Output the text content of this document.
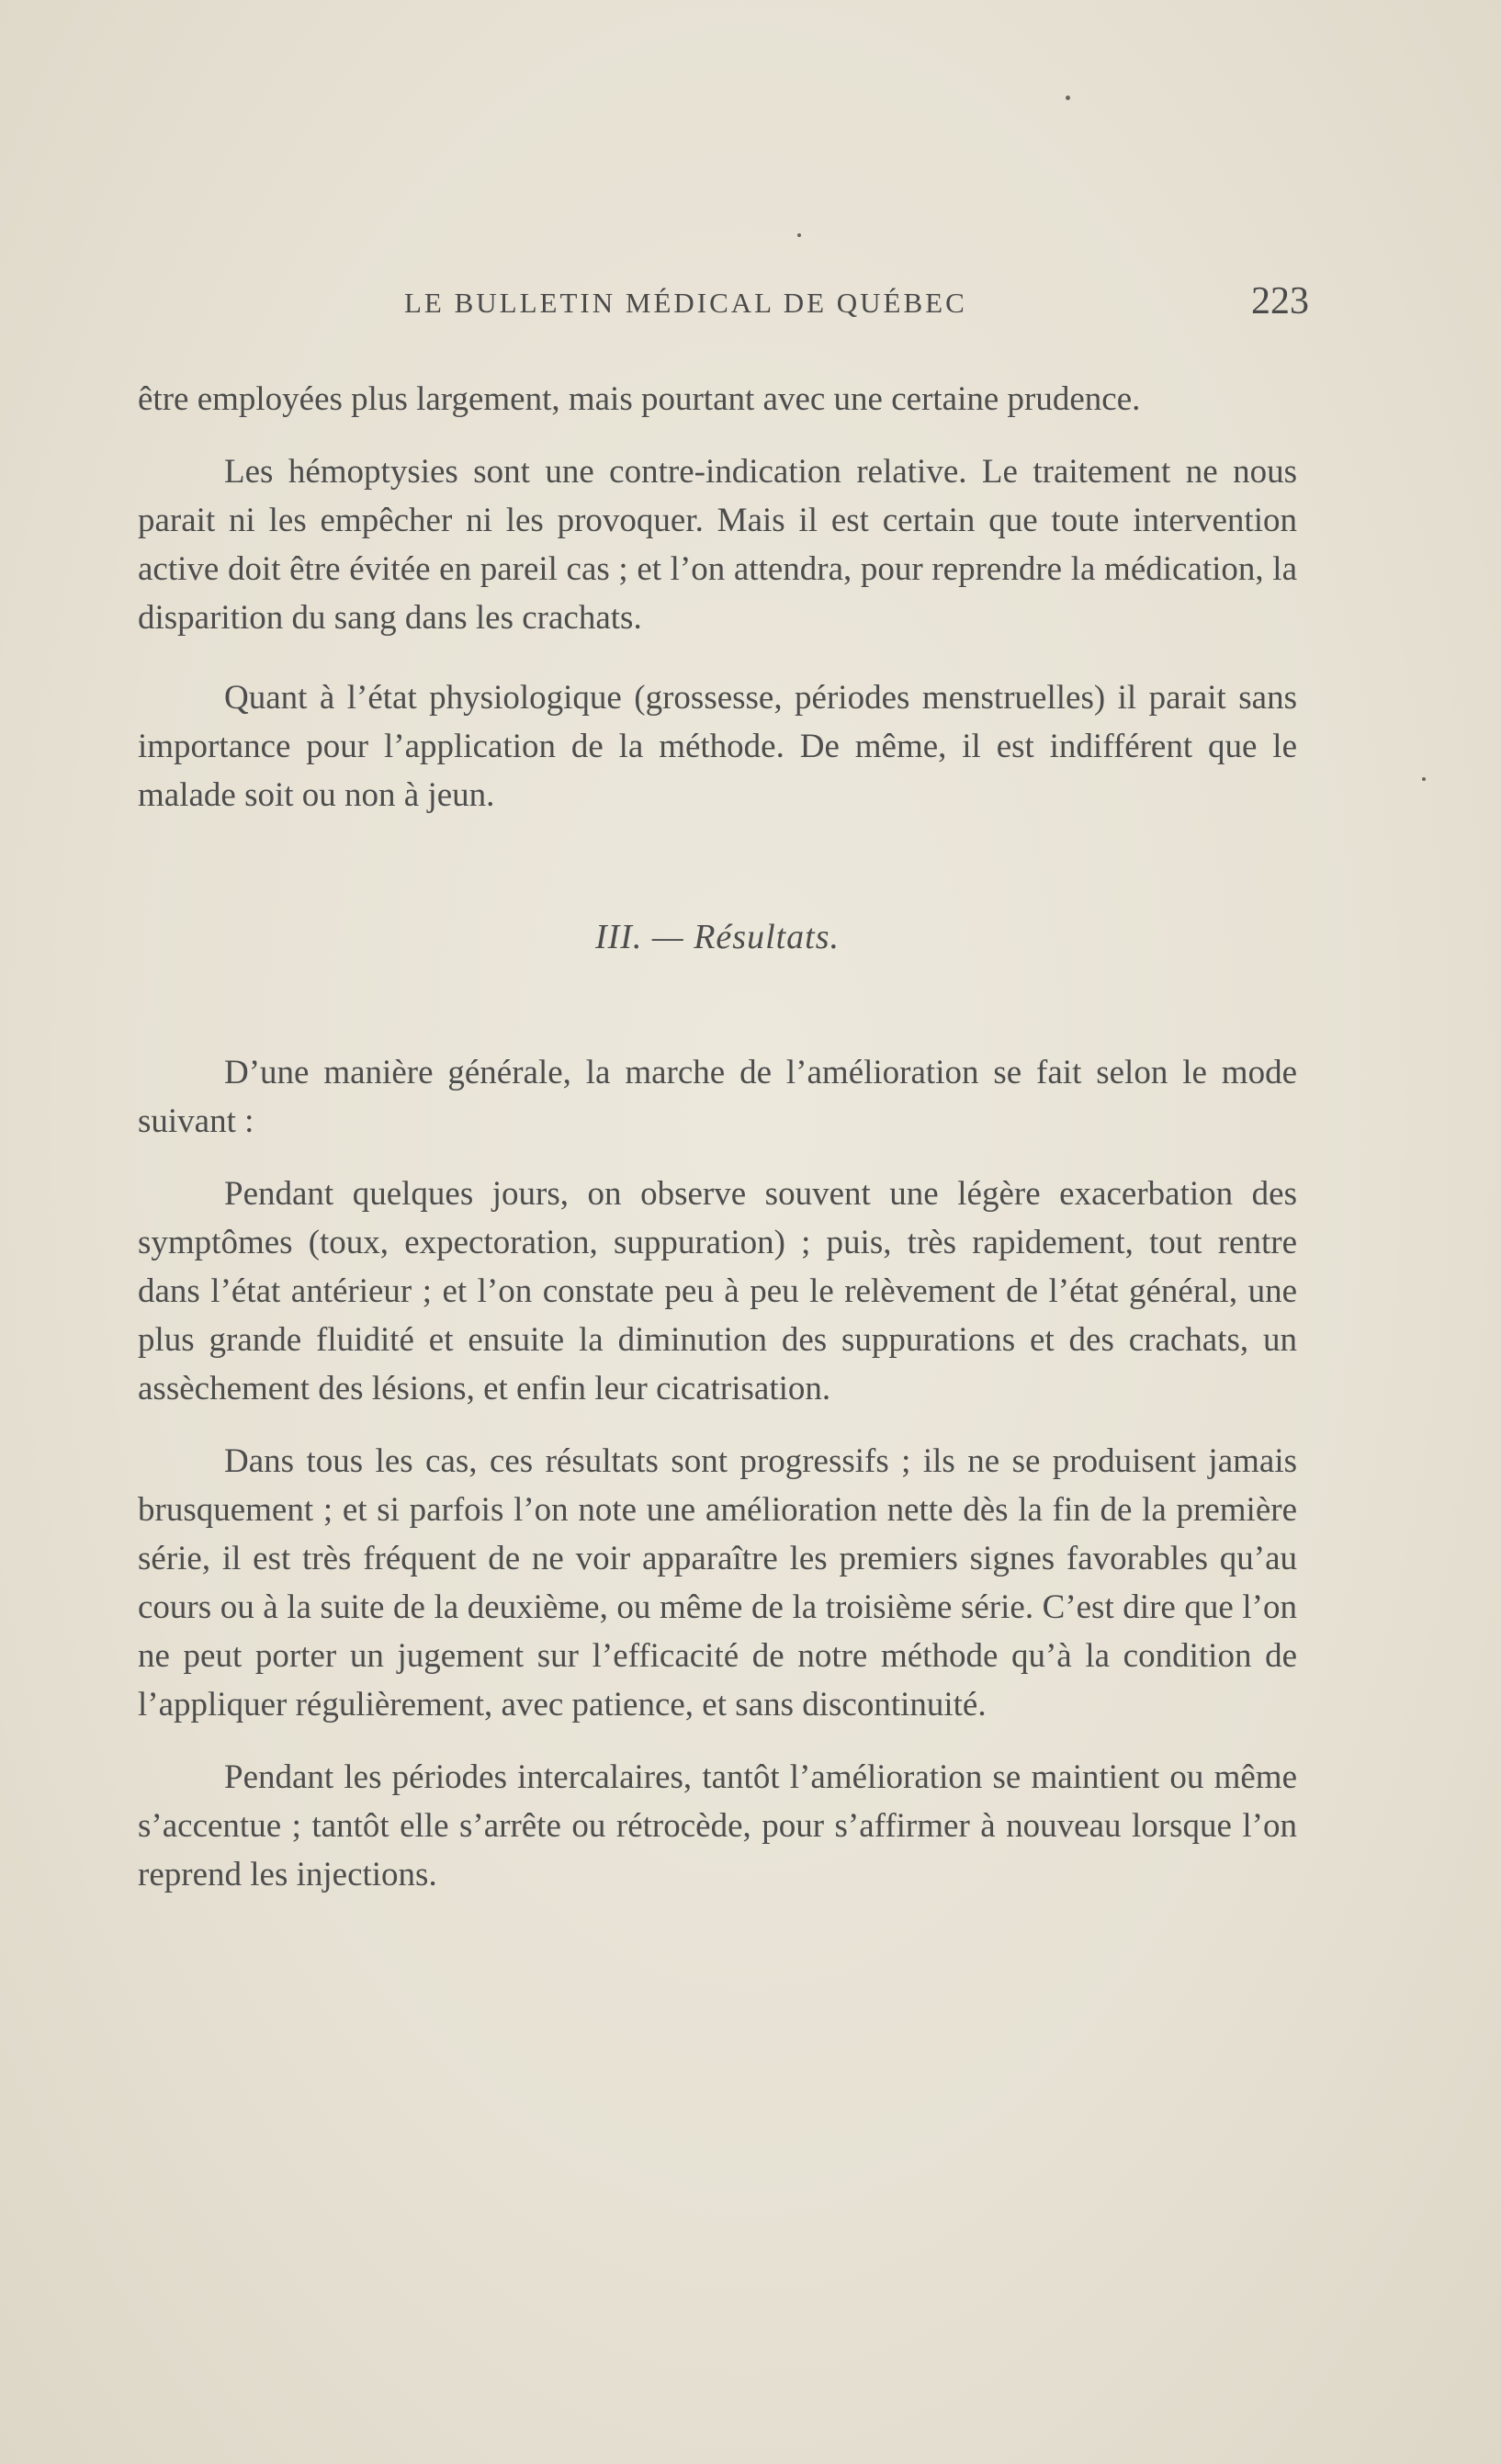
LE BULLETIN MÉDICAL DE QUÉBEC	223

être employées plus largement, mais pourtant avec une certaine prudence.

Les hémoptysies sont une contre-indication relative. Le traitement ne nous parait ni les empêcher ni les provoquer. Mais il est certain que toute intervention active doit être évitée en pareil cas ; et l’on attendra, pour reprendre la médication, la disparition du sang dans les crachats.

Quant à l’état physiologique (grossesse, périodes menstruelles) il parait sans importance pour l’application de la méthode. De même, il est indifférent que le malade soit ou non à jeun.

III. — Résultats.

D’une manière générale, la marche de l’amélioration se fait selon le mode suivant :

Pendant quelques jours, on observe souvent une légère exacerbation des symptômes (toux, expectoration, suppuration) ; puis, très rapidement, tout rentre dans l’état antérieur ; et l’on constate peu à peu le relèvement de l’état général, une plus grande fluidité et ensuite la diminution des suppurations et des crachats, un assèchement des lésions, et enfin leur cicatrisation.

Dans tous les cas, ces résultats sont progressifs ; ils ne se produisent jamais brusquement ; et si parfois l’on note une amélioration nette dès la fin de la première série, il est très fréquent de ne voir apparaître les premiers signes favorables qu’au cours ou à la suite de la deuxième, ou même de la troisième série. C’est dire que l’on ne peut porter un jugement sur l’efficacité de notre méthode qu’à la condition de l’appliquer régulièrement, avec patience, et sans discontinuité.

Pendant les périodes intercalaires, tantôt l’amélioration se maintient ou même s’accentue ; tantôt elle s’arrête ou rétrocède, pour s’affirmer à nouveau lorsque l’on reprend les injections.
